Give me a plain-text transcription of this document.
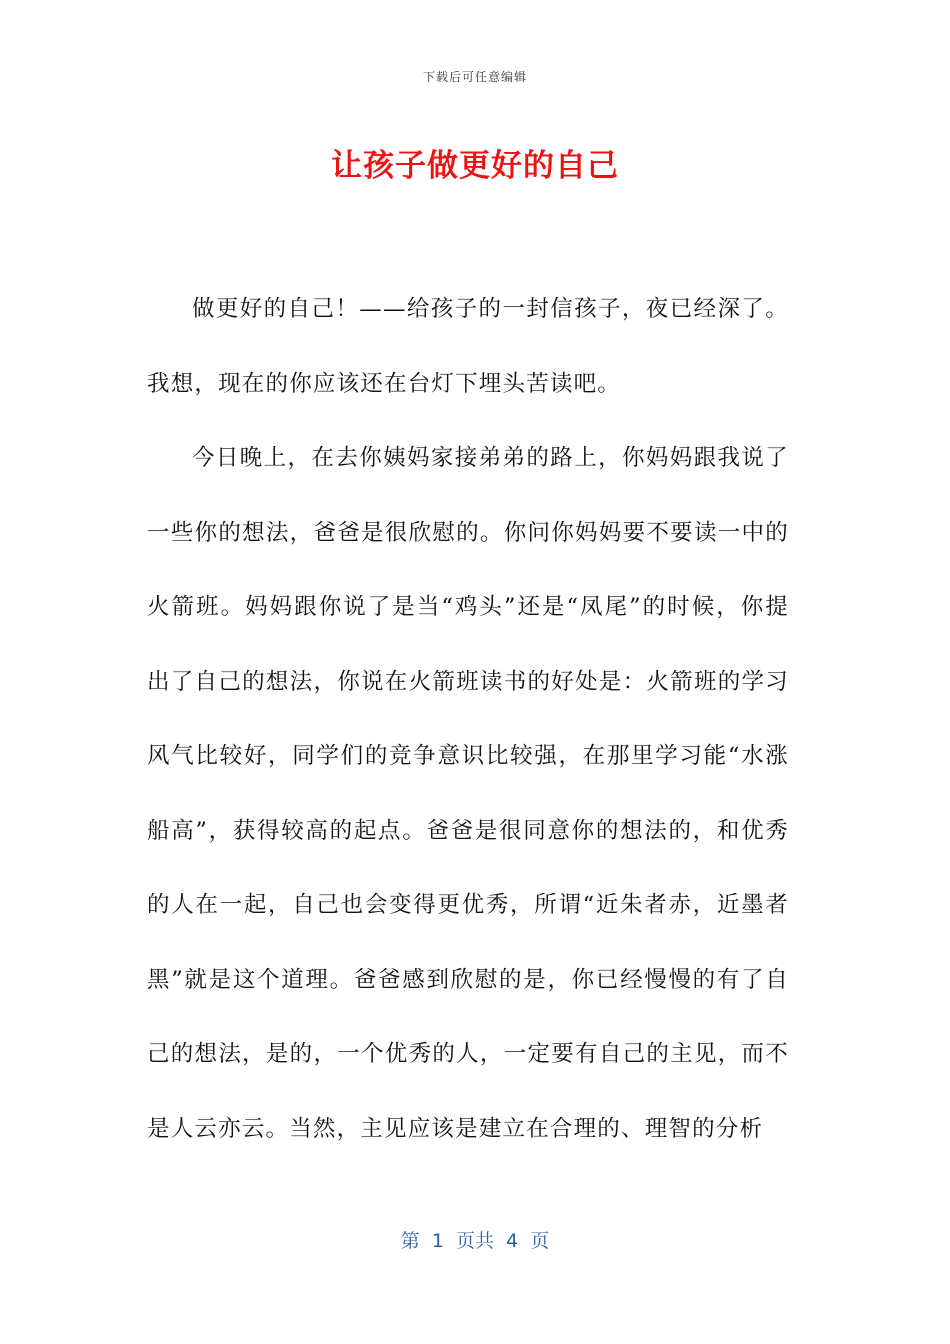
下载后可任意编辑
让孩子做更好的自己

做更好的自己！——给孩子的一封信孩子，夜已经深了。我想，现在的你应该还在台灯下埋头苦读吧。

今日晚上，在去你姨妈家接弟弟的路上，你妈妈跟我说了一些你的想法，爸爸是很欣慰的。你问你妈妈要不要读一中的火箭班。妈妈跟你说了是当“鸡头”还是“凤尾”的时候，你提出了自己的想法，你说在火箭班读书的好处是：火箭班的学习风气比较好，同学们的竞争意识比较强，在那里学习能“水涨船高”，获得较高的起点。爸爸是很同意你的想法的，和优秀的人在一起，自己也会变得更优秀，所谓“近朱者赤，近墨者黑”就是这个道理。爸爸感到欣慰的是，你已经慢慢的有了自己的想法，是的，一个优秀的人，一定要有自己的主见，而不是人云亦云。当然，主见应该是建立在合理的、理智的分析

第 1 页共 4 页
